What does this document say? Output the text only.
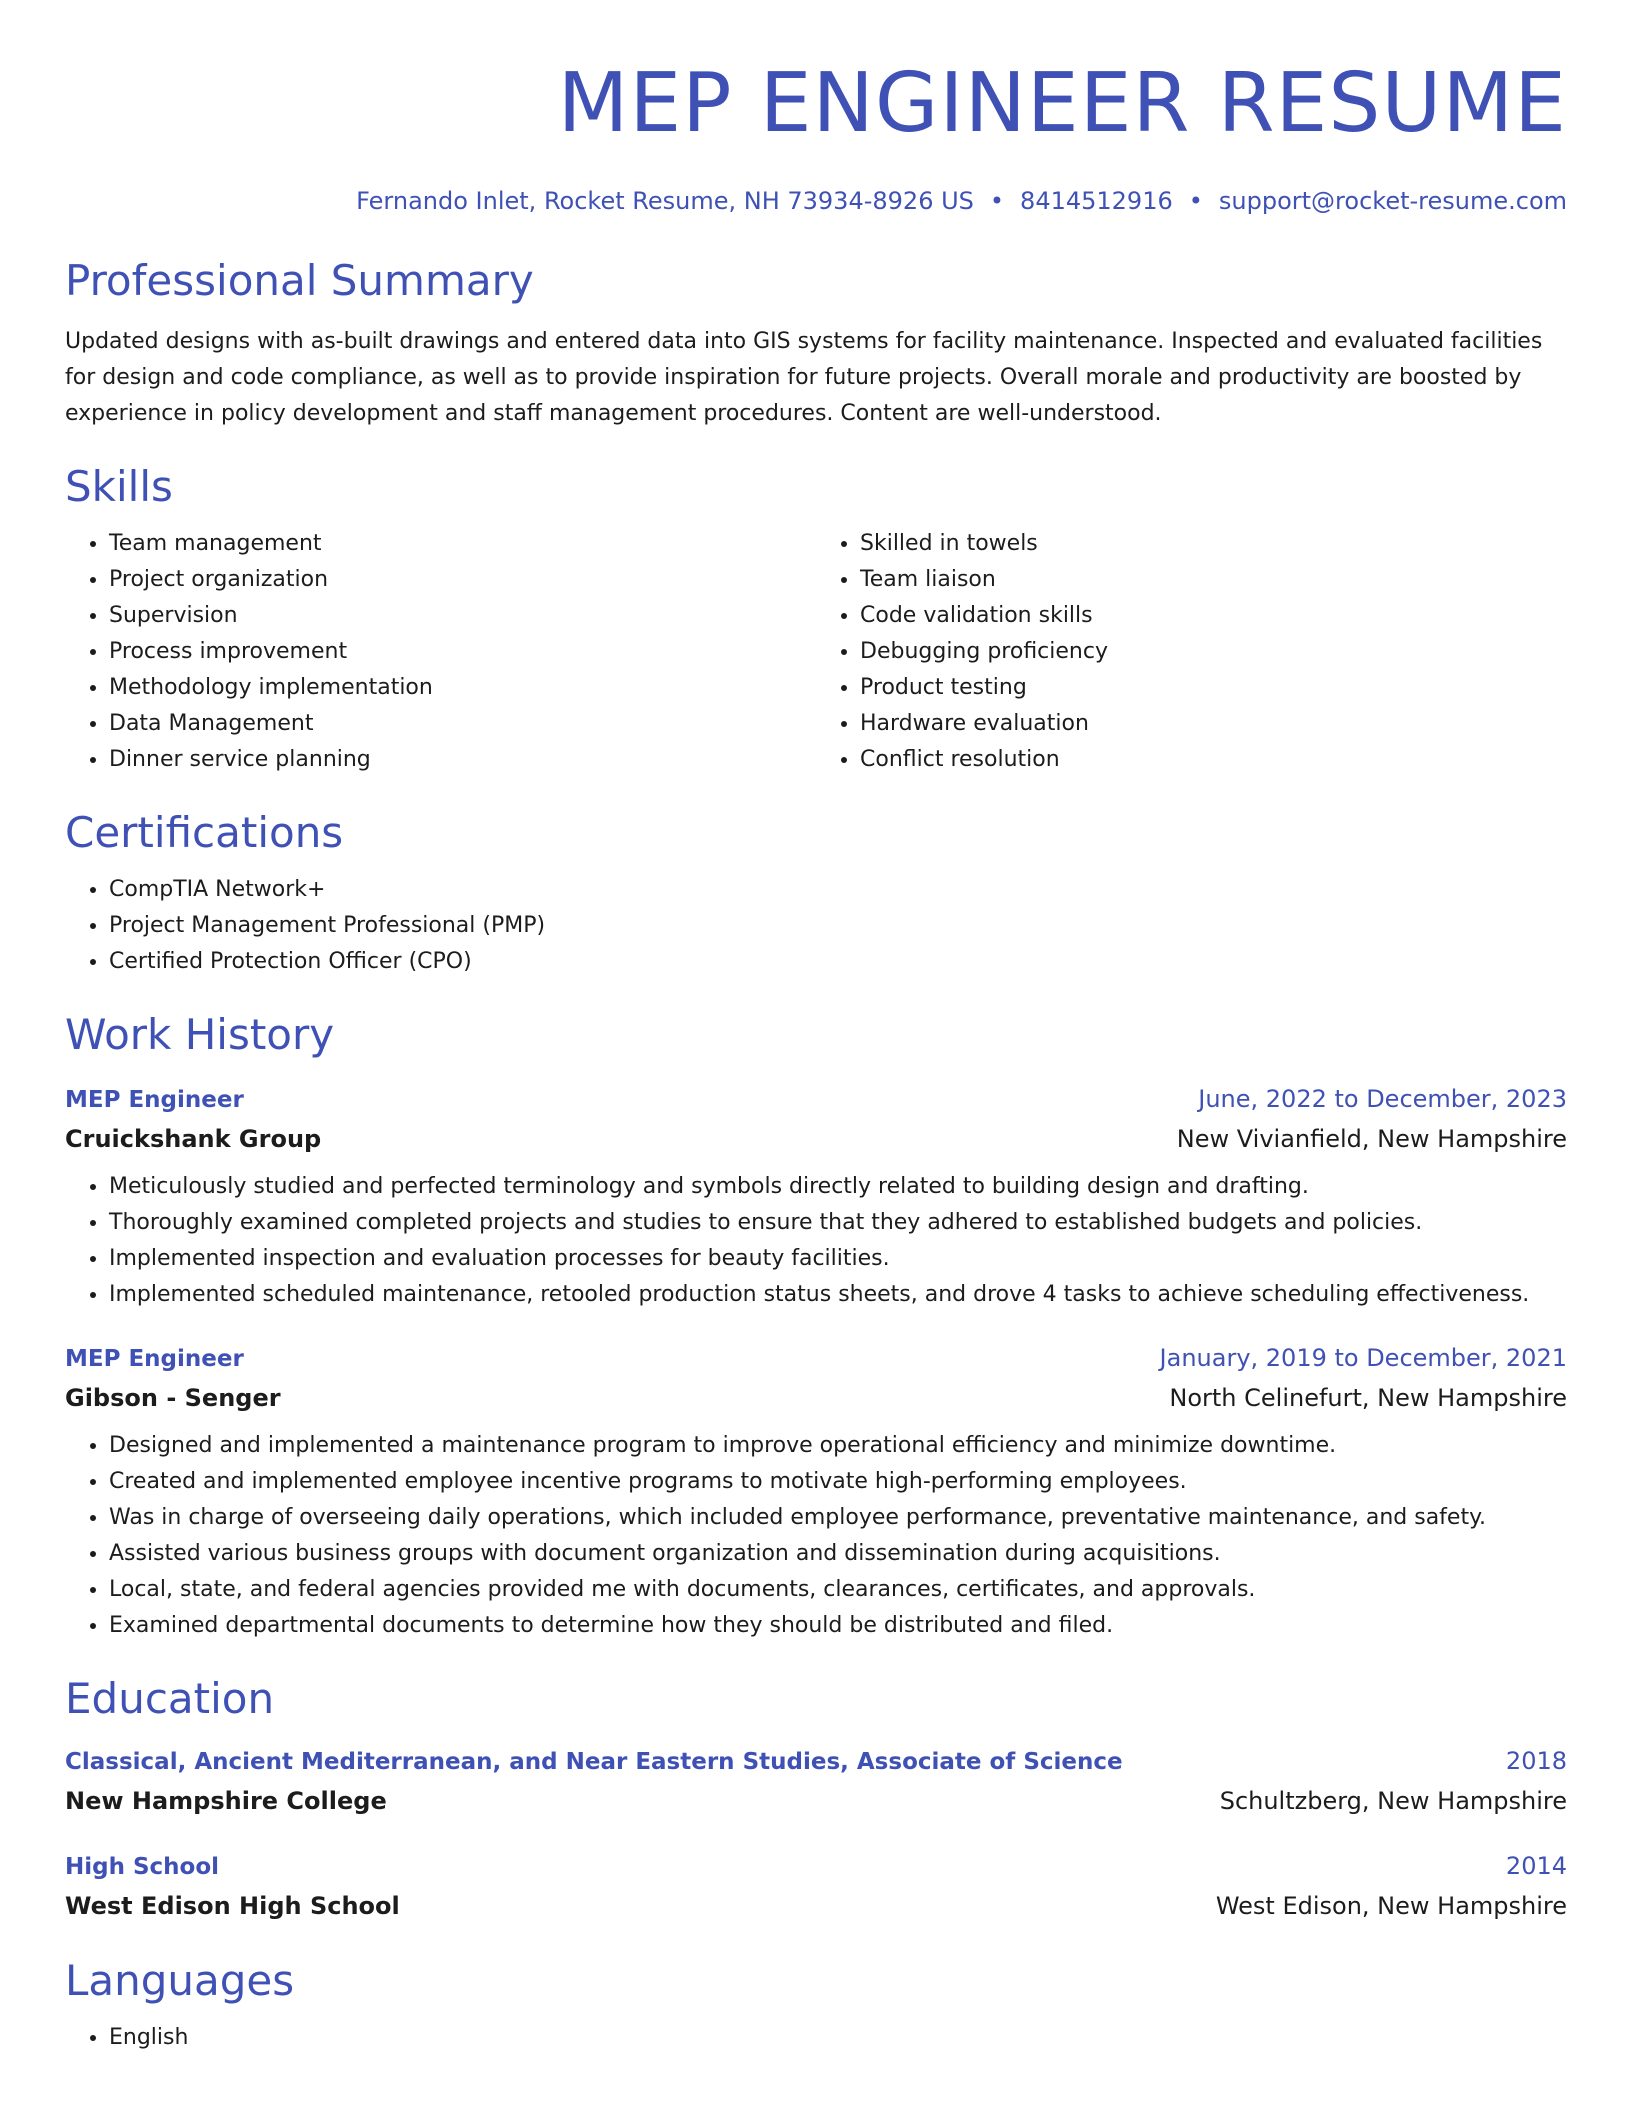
MEP ENGINEER RESUME
Fernando Inlet, Rocket Resume, NH 73934-8926 US • 8414512916 • support@rocket-resume.com
Professional Summary
Updated designs with as-built drawings and entered data into GIS systems for facility maintenance. Inspected and evaluated facilities for design and code compliance, as well as to provide inspiration for future projects. Overall morale and productivity are boosted by experience in policy development and staff management procedures. Content are well-understood.
Skills
• Team management
• Project organization
• Supervision
• Process improvement
• Methodology implementation
• Data Management
• Dinner service planning
• Skilled in towels
• Team liaison
• Code validation skills
• Debugging proficiency
• Product testing
• Hardware evaluation
• Conflict resolution
Certifications
• CompTIA Network+
• Project Management Professional (PMP)
• Certified Protection Officer (CPO)
Work History
MEP Engineer	June, 2022 to December, 2023
Cruickshank Group	New Vivianfield, New Hampshire
• Meticulously studied and perfected terminology and symbols directly related to building design and drafting.
• Thoroughly examined completed projects and studies to ensure that they adhered to established budgets and policies.
• Implemented inspection and evaluation processes for beauty facilities.
• Implemented scheduled maintenance, retooled production status sheets, and drove 4 tasks to achieve scheduling effectiveness.
MEP Engineer	January, 2019 to December, 2021
Gibson - Senger	North Celinefurt, New Hampshire
• Designed and implemented a maintenance program to improve operational efficiency and minimize downtime.
• Created and implemented employee incentive programs to motivate high-performing employees.
• Was in charge of overseeing daily operations, which included employee performance, preventative maintenance, and safety.
• Assisted various business groups with document organization and dissemination during acquisitions.
• Local, state, and federal agencies provided me with documents, clearances, certificates, and approvals.
• Examined departmental documents to determine how they should be distributed and filed.
Education
Classical, Ancient Mediterranean, and Near Eastern Studies, Associate of Science	2018
New Hampshire College	Schultzberg, New Hampshire
High School	2014
West Edison High School	West Edison, New Hampshire
Languages
• English
